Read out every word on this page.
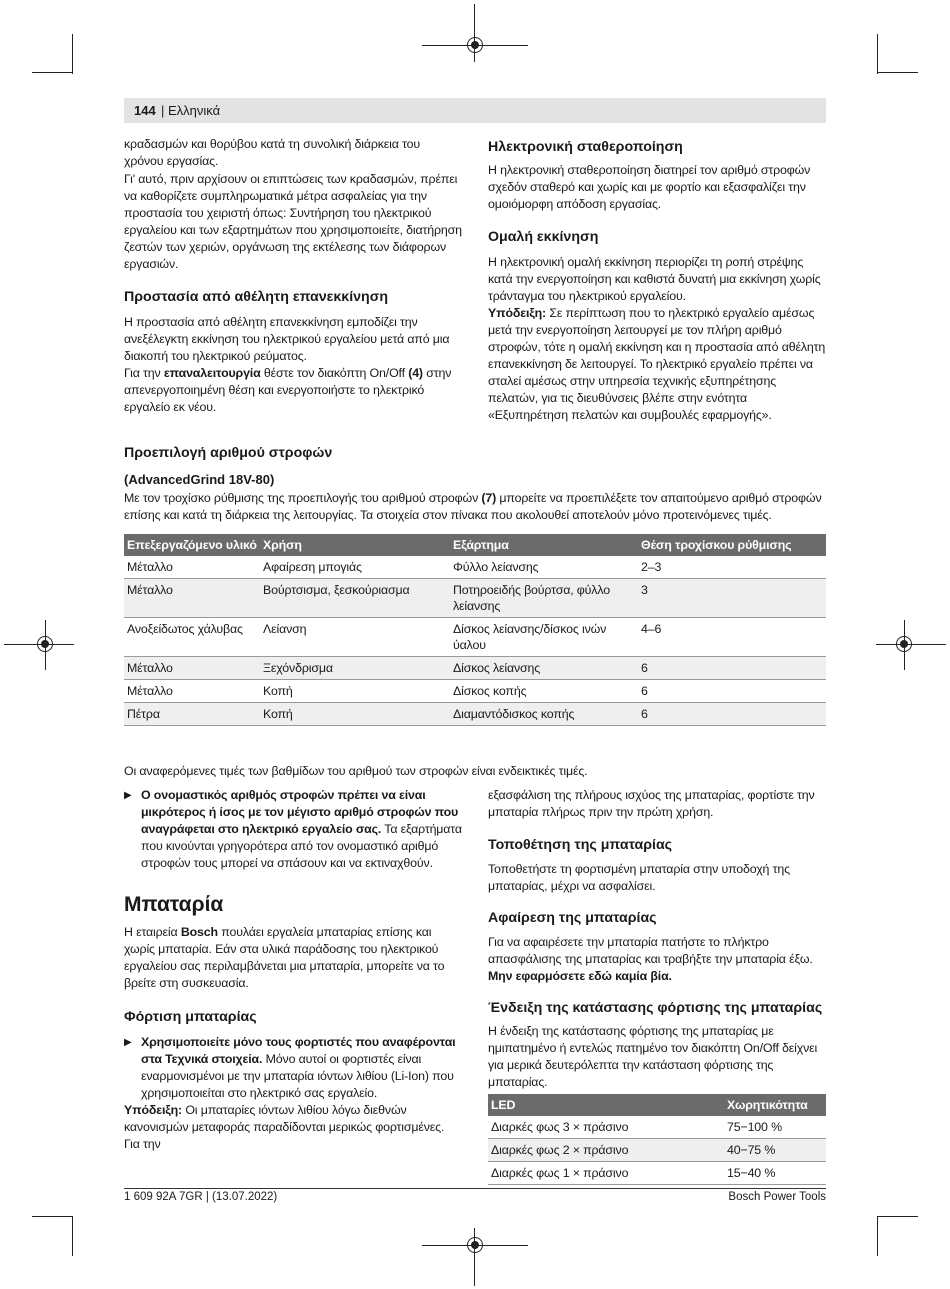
144 | Ελληνικά

κραδασμών και θορύβου κατά τη συνολική διάρκεια του χρόνου εργασίας.

Γι' αυτό, πριν αρχίσουν οι επιπτώσεις των κραδασμών, πρέπει να καθορίζετε συμπληρωματικά μέτρα ασφαλείας για την προστασία του χειριστή όπως: Συντήρηση του ηλεκτρικού εργαλείου και των εξαρτημάτων που χρησιμοποιείτε, διατήρηση ζεστών των χεριών, οργάνωση της εκτέλεσης των διάφορων εργασιών.

Προστασία από αθέλητη επανεκκίνηση

Η προστασία από αθέλητη επανεκκίνηση εμποδίζει την ανεξέλεγκτη εκκίνηση του ηλεκτρικού εργαλείου μετά από μια διακοπή του ηλεκτρικού ρεύματος.

Για την επαναλειτουργία θέστε τον διακόπτη On/Off (4) στην απενεργοποιημένη θέση και ενεργοποιήστε το ηλεκτρικό εργαλείο εκ νέου.

Ηλεκτρονική σταθεροποίηση

Η ηλεκτρονική σταθεροποίηση διατηρεί τον αριθμό στροφών σχεδόν σταθερό και χωρίς και με φορτίο και εξασφαλίζει την ομοιόμορφη απόδοση εργασίας.

Ομαλή εκκίνηση

Η ηλεκτρονική ομαλή εκκίνηση περιορίζει τη ροπή στρέψης κατά την ενεργοποίηση και καθιστά δυνατή μια εκκίνηση χωρίς τράνταγμα του ηλεκτρικού εργαλείου.

Υπόδειξη: Σε περίπτωση που το ηλεκτρικό εργαλείο αμέσως μετά την ενεργοποίηση λειτουργεί με τον πλήρη αριθμό στροφών, τότε η ομαλή εκκίνηση και η προστασία από αθέλητη επανεκκίνηση δε λειτουργεί. Το ηλεκτρικό εργαλείο πρέπει να σταλεί αμέσως στην υπηρεσία τεχνικής εξυπηρέτησης πελατών, για τις διευθύνσεις βλέπε στην ενότητα «Εξυπηρέτηση πελατών και συμβουλές εφαρμογής».

Προεπιλογή αριθμού στροφών
(AdvancedGrind 18V-80)

Με τον τροχίσκο ρύθμισης της προεπιλογής του αριθμού στροφών (7) μπορείτε να προεπιλέξετε τον απαιτούμενο αριθμό στροφών επίσης και κατά τη διάρκεια της λειτουργίας. Τα στοιχεία στον πίνακα που ακολουθεί αποτελούν μόνο προτεινόμενες τιμές.

Επεξεργαζόμενο υλικό	Χρήση	Εξάρτημα	Θέση τροχίσκου ρύθμισης
Μέταλλο	Αφαίρεση μπογιάς	Φύλλο λείανσης	2–3
Μέταλλο	Βούρτσισμα, ξεσκούριασμα	Ποτηροειδής βούρτσα, φύλλο λείανσης	3
Ανοξείδωτος χάλυβας	Λείανση	Δίσκος λείανσης/δίσκος ινών ύαλου	4–6
Μέταλλο	Ξεχόνδρισμα	Δίσκος λείανσης	6
Μέταλλο	Κοπή	Δίσκος κοπής	6
Πέτρα	Κοπή	Διαμαντόδισκος κοπής	6

Οι αναφερόμενες τιμές των βαθμίδων του αριθμού των στροφών είναι ενδεικτικές τιμές.

▶ Ο ονομαστικός αριθμός στροφών πρέπει να είναι μικρότερος ή ίσος με τον μέγιστο αριθμό στροφών που αναγράφεται στο ηλεκτρικό εργαλείο σας. Τα εξαρτήματα που κινούνται γρηγορότερα από τον ονομαστικό αριθμό στροφών τους μπορεί να σπάσουν και να εκτιναχθούν.

Μπαταρία

Η εταιρεία Bosch πουλάει εργαλεία μπαταρίας επίσης και χωρίς μπαταρία. Εάν στα υλικά παράδοσης του ηλεκτρικού εργαλείου σας περιλαμβάνεται μια μπαταρία, μπορείτε να το βρείτε στη συσκευασία.

Φόρτιση μπαταρίας

▶ Χρησιμοποιείτε μόνο τους φορτιστές που αναφέρονται στα Τεχνικά στοιχεία. Μόνο αυτοί οι φορτιστές είναι εναρμονισμένοι με την μπαταρία ιόντων λιθίου (Li-Ion) που χρησιμοποιείται στο ηλεκτρικό σας εργαλείο.

Υπόδειξη: Οι μπαταρίες ιόντων λιθίου λόγω διεθνών κανονισμών μεταφοράς παραδίδονται μερικώς φορτισμένες. Για την

εξασφάλιση της πλήρους ισχύος της μπαταρίας, φορτίστε την μπαταρία πλήρως πριν την πρώτη χρήση.

Τοποθέτηση της μπαταρίας

Τοποθετήστε τη φορτισμένη μπαταρία στην υποδοχή της μπαταρίας, μέχρι να ασφαλίσει.

Αφαίρεση της μπαταρίας

Για να αφαιρέσετε την μπαταρία πατήστε το πλήκτρο απασφάλισης της μπαταρίας και τραβήξτε την μπαταρία έξω. Μην εφαρμόσετε εδώ καμία βία.

Ένδειξη της κατάστασης φόρτισης της μπαταρίας

Η ένδειξη της κατάστασης φόρτισης της μπαταρίας με ημιπατημένο ή εντελώς πατημένο τον διακόπτη On/Off δείχνει για μερικά δευτερόλεπτα την κατάσταση φόρτισης της μπαταρίας.

LED	Χωρητικότητα
Διαρκές φως 3 × πράσινο	75−100 %
Διαρκές φως 2 × πράσινο	40−75 %
Διαρκές φως 1 × πράσινο	15−40 %
1 609 92A 7GR | (13.07.2022)	Bosch Power Tools
